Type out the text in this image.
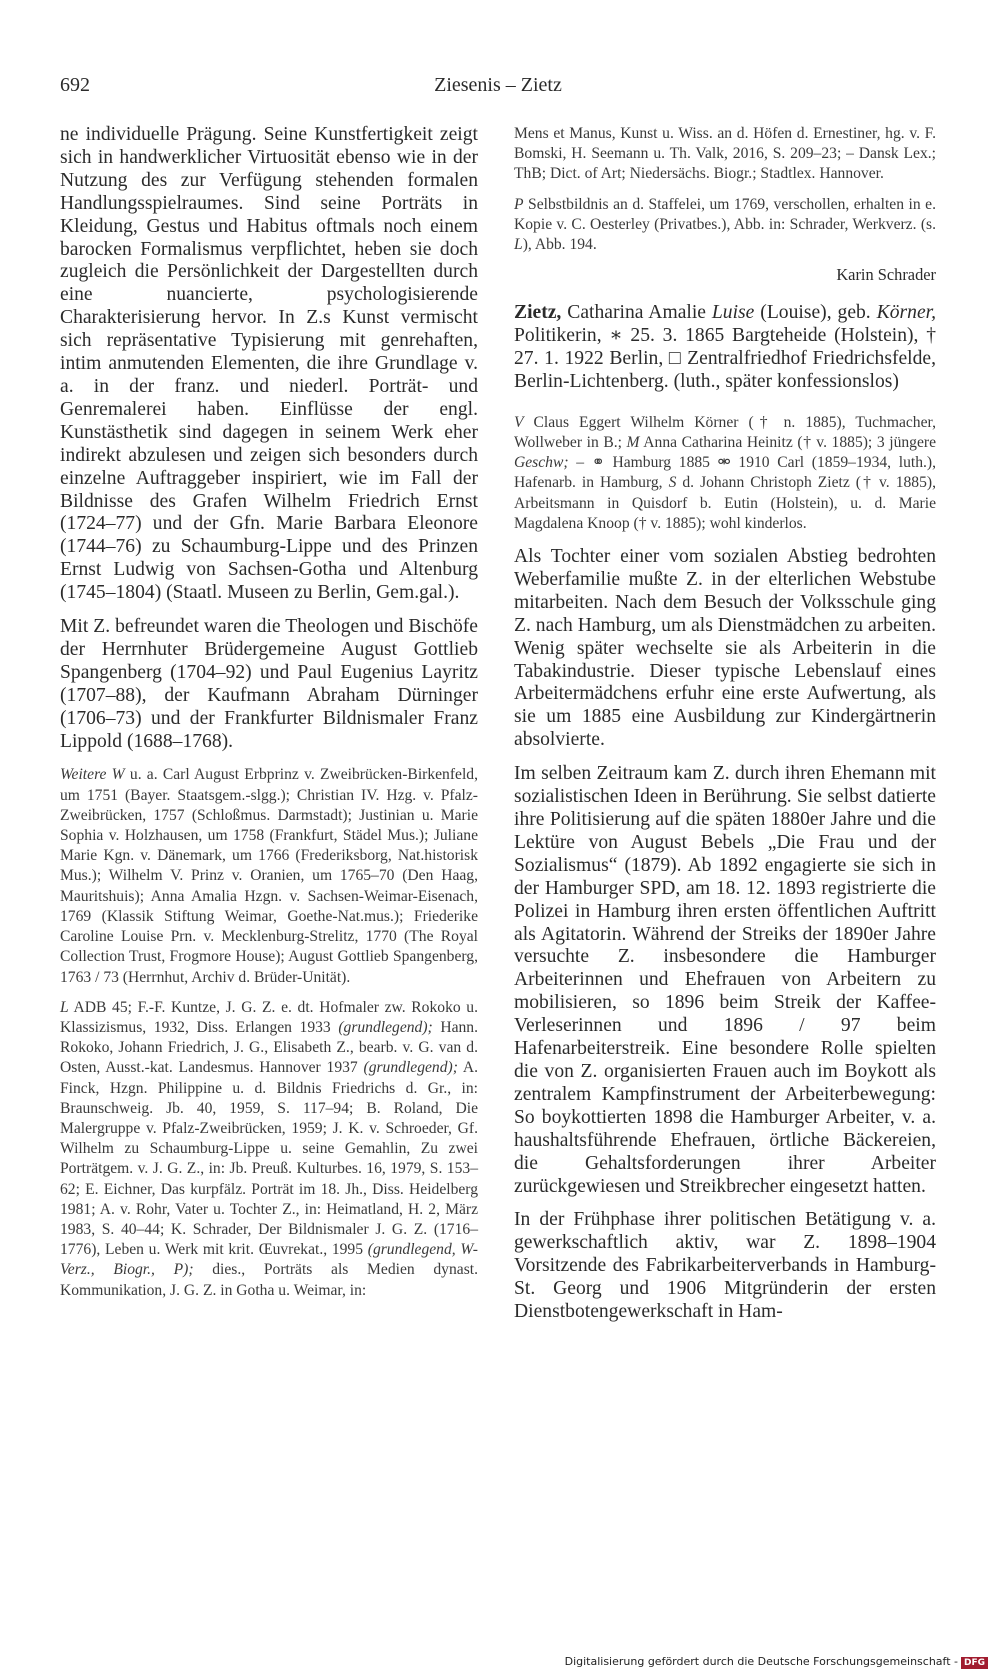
692	Ziesenis – Zietz

ne individuelle Prägung. Seine Kunstfertigkeit zeigt sich in handwerklicher Virtuosität ebenso wie in der Nutzung des zur Verfügung stehenden formalen Handlungsspielraumes. Sind seine Porträts in Kleidung, Gestus und Habitus oftmals noch einem barocken Formalismus verpflichtet, heben sie doch zugleich die Persönlichkeit der Dargestellten durch eine nuancierte, psychologisierende Charakterisierung hervor. In Z.s Kunst vermischt sich repräsentative Typisierung mit genrehaften, intim anmutenden Elementen, die ihre Grundlage v. a. in der franz. und niederl. Porträt- und Genremalerei haben. Einflüsse der engl. Kunstästhetik sind dagegen in seinem Werk eher indirekt abzulesen und zeigen sich besonders durch einzelne Auftraggeber inspiriert, wie im Fall der Bildnisse des Grafen Wilhelm Friedrich Ernst (1724–77) und der Gfn. Marie Barbara Eleonore (1744–76) zu Schaumburg-Lippe und des Prinzen Ernst Ludwig von Sachsen-Gotha und Altenburg (1745–1804) (Staatl. Museen zu Berlin, Gem.gal.).

Mit Z. befreundet waren die Theologen und Bischöfe der Herrnhuter Brüdergemeine August Gottlieb Spangenberg (1704–92) und Paul Eugenius Layritz (1707–88), der Kaufmann Abraham Dürninger (1706–73) und der Frankfurter Bildnismaler Franz Lippold (1688–1768).

Weitere W u. a. Carl August Erbprinz v. Zweibrücken-Birkenfeld, um 1751 (Bayer. Staatsgem.-slgg.); Christian IV. Hzg. v. Pfalz-Zweibrücken, 1757 (Schloßmus. Darmstadt); Justinian u. Marie Sophia v. Holzhausen, um 1758 (Frankfurt, Städel Mus.); Juliane Marie Kgn. v. Dänemark, um 1766 (Frederiksborg, Nat.historisk Mus.); Wilhelm V. Prinz v. Oranien, um 1765–70 (Den Haag, Mauritshuis); Anna Amalia Hzgn. v. Sachsen-Weimar-Eisenach, 1769 (Klassik Stiftung Weimar, Goethe-Nat.mus.); Friederike Caroline Louise Prn. v. Mecklenburg-Strelitz, 1770 (The Royal Collection Trust, Frogmore House); August Gottlieb Spangenberg, 1763 / 73 (Herrnhut, Archiv d. Brüder-Unität).

L ADB 45; F.-F. Kuntze, J. G. Z. e. dt. Hofmaler zw. Rokoko u. Klassizismus, 1932, Diss. Erlangen 1933 (grundlegend); Hann. Rokoko, Johann Friedrich, J. G., Elisabeth Z., bearb. v. G. van d. Osten, Ausst.-kat. Landesmus. Hannover 1937 (grundlegend); A. Finck, Hzgn. Philippine u. d. Bildnis Friedrichs d. Gr., in: Braunschweig. Jb. 40, 1959, S. 117–94; B. Roland, Die Malergruppe v. Pfalz-Zweibrücken, 1959; J. K. v. Schroeder, Gf. Wilhelm zu Schaumburg-Lippe u. seine Gemahlin, Zu zwei Porträtgem. v. J. G. Z., in: Jb. Preuß. Kulturbes. 16, 1979, S. 153–62; E. Eichner, Das kurpfälz. Porträt im 18. Jh., Diss. Heidelberg 1981; A. v. Rohr, Vater u. Tochter Z., in: Heimatland, H. 2, März 1983, S. 40–44; K. Schrader, Der Bildnismaler J. G. Z. (1716–1776), Leben u. Werk mit krit. Œuvrekat., 1995 (grundlegend, W-Verz., Biogr., P); dies., Porträts als Medien dynast. Kommunikation, J. G. Z. in Gotha u. Weimar, in:

Mens et Manus, Kunst u. Wiss. an d. Höfen d. Ernestiner, hg. v. F. Bomski, H. Seemann u. Th. Valk, 2016, S. 209–23; – Dansk Lex.; ThB; Dict. of Art; Niedersächs. Biogr.; Stadtlex. Hannover.

P Selbstbildnis an d. Staffelei, um 1769, verschollen, erhalten in e. Kopie v. C. Oesterley (Privatbes.), Abb. in: Schrader, Werkverz. (s. L), Abb. 194.

Karin Schrader

Zietz, Catharina Amalie Luise (Louise), geb. Körner, Politikerin, ∗ 25. 3. 1865 Bargteheide (Holstein), † 27. 1. 1922 Berlin, □ Zentralfriedhof Friedrichsfelde, Berlin-Lichtenberg. (luth., später konfessionslos)

V Claus Eggert Wilhelm Körner († n. 1885), Tuchmacher, Wollweber in B.; M Anna Catharina Heinitz († v. 1885); 3 jüngere Geschw; – ⚭ Hamburg 1885 ⚮ 1910 Carl (1859–1934, luth.), Hafenarb. in Hamburg, S d. Johann Christoph Zietz († v. 1885), Arbeitsmann in Quisdorf b. Eutin (Holstein), u. d. Marie Magdalena Knoop († v. 1885); wohl kinderlos.

Als Tochter einer vom sozialen Abstieg bedrohten Weberfamilie mußte Z. in der elterlichen Webstube mitarbeiten. Nach dem Besuch der Volksschule ging Z. nach Hamburg, um als Dienstmädchen zu arbeiten. Wenig später wechselte sie als Arbeiterin in die Tabakindustrie. Dieser typische Lebenslauf eines Arbeitermädchens erfuhr eine erste Aufwertung, als sie um 1885 eine Ausbildung zur Kindergärtnerin absolvierte.

Im selben Zeitraum kam Z. durch ihren Ehemann mit sozialistischen Ideen in Berührung. Sie selbst datierte ihre Politisierung auf die späten 1880er Jahre und die Lektüre von August Bebels „Die Frau und der Sozialismus“ (1879). Ab 1892 engagierte sie sich in der Hamburger SPD, am 18. 12. 1893 registrierte die Polizei in Hamburg ihren ersten öffentlichen Auftritt als Agitatorin. Während der Streiks der 1890er Jahre versuchte Z. insbesondere die Hamburger Arbeiterinnen und Ehefrauen von Arbeitern zu mobilisieren, so 1896 beim Streik der Kaffee-Verleserinnen und 1896 / 97 beim Hafenarbeiterstreik. Eine besondere Rolle spielten die von Z. organisierten Frauen auch im Boykott als zentralem Kampfinstrument der Arbeiterbewegung: So boykottierten 1898 die Hamburger Arbeiter, v. a. haushaltsführende Ehefrauen, örtliche Bäckereien, die Gehaltsforderungen ihrer Arbeiter zurückgewiesen und Streikbrecher eingesetzt hatten.

In der Frühphase ihrer politischen Betätigung v. a. gewerkschaftlich aktiv, war Z. 1898–1904 Vorsitzende des Fabrikarbeiterverbands in Hamburg-St. Georg und 1906 Mitgründerin der ersten Dienstbotengewerkschaft in Ham-

Digitalisierung gefördert durch die Deutsche Forschungsgemeinschaft - DFG
